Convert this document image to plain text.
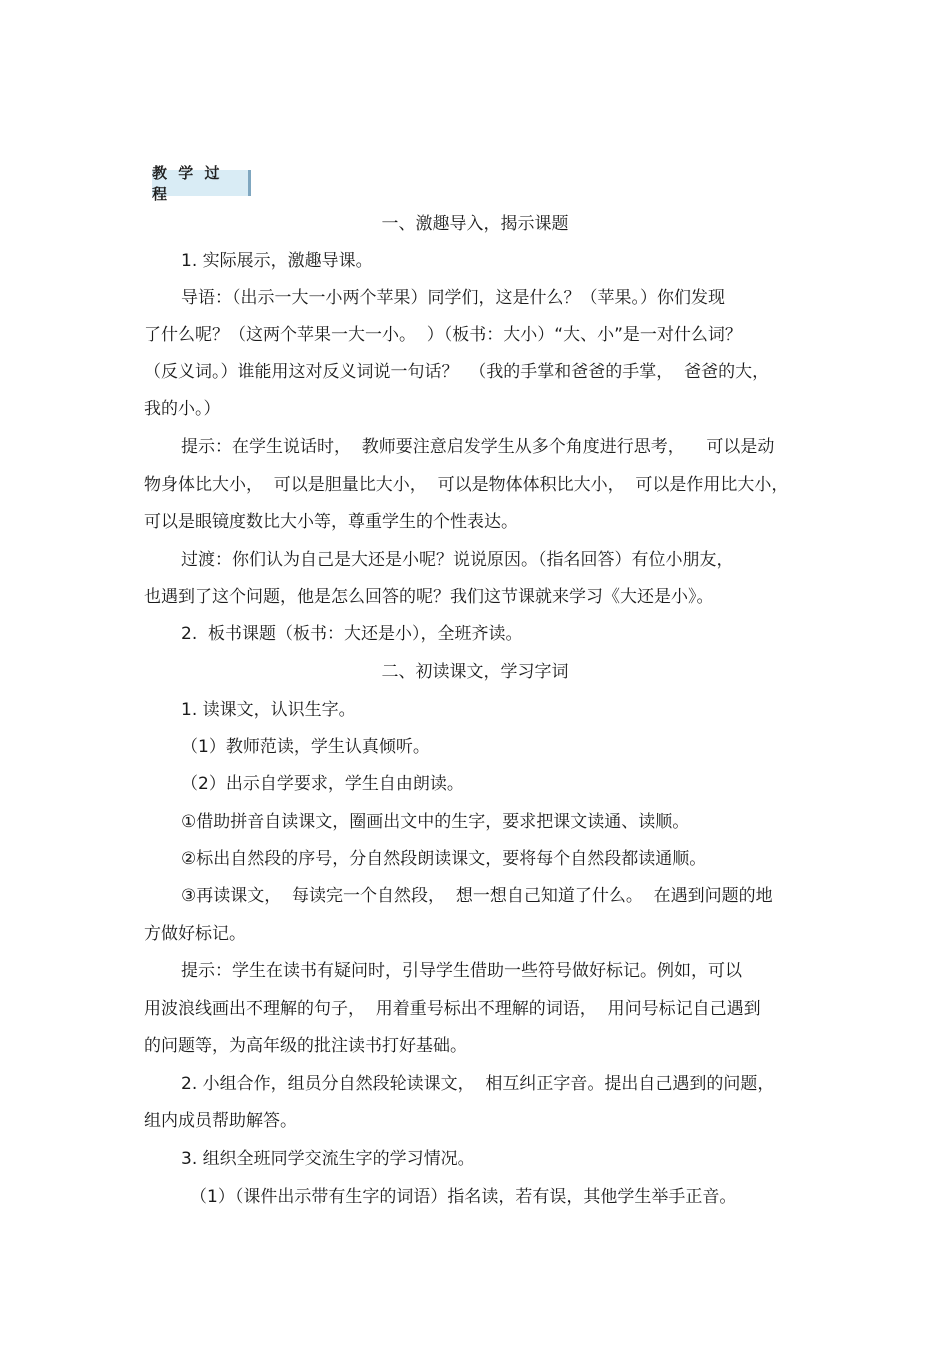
教 学 过 程
一、激趣导入，揭示课题
1. 实际展示，激趣导课。
导语：（出示一大一小两个苹果）同学们，这是什么？（苹果。）你们发现
了什么呢？（这两个苹果一大一小。  ）（板书：大小）“大、小”是一对什么词？
（反义词。）谁能用这对反义词说一句话？  （我的手掌和爸爸的手掌，  爸爸的大，
我的小。）
提示：在学生说话时，  教师要注意启发学生从多个角度进行思考，    可以是动
物身体比大小，  可以是胆量比大小，  可以是物体体积比大小，  可以是作用比大小，
可以是眼镜度数比大小等，尊重学生的个性表达。
过渡：你们认为自己是大还是小呢？说说原因。（指名回答）有位小朋友，
也遇到了这个问题，他是怎么回答的呢？我们这节课就来学习《大还是小》。
2.  板书课题（板书：大还是小），全班齐读。
二、初读课文，学习字词
1. 读课文，认识生字。
（1）教师范读，学生认真倾听。
（2）出示自学要求，学生自由朗读。
①借助拼音自读课文，圈画出文中的生字，要求把课文读通、读顺。
②标出自然段的序号，分自然段朗读课文，要将每个自然段都读通顺。
③再读课文，  每读完一个自然段，  想一想自己知道了什么。  在遇到问题的地
方做好标记。
提示：学生在读书有疑问时，引导学生借助一些符号做好标记。例如，可以
用波浪线画出不理解的句子，  用着重号标出不理解的词语，  用问号标记自己遇到
的问题等，为高年级的批注读书打好基础。
2. 小组合作，组员分自然段轮读课文，  相互纠正字音。提出自己遇到的问题，
组内成员帮助解答。
3. 组织全班同学交流生字的学习情况。
（1）（课件出示带有生字的词语）指名读，若有误，其他学生举手正音。
